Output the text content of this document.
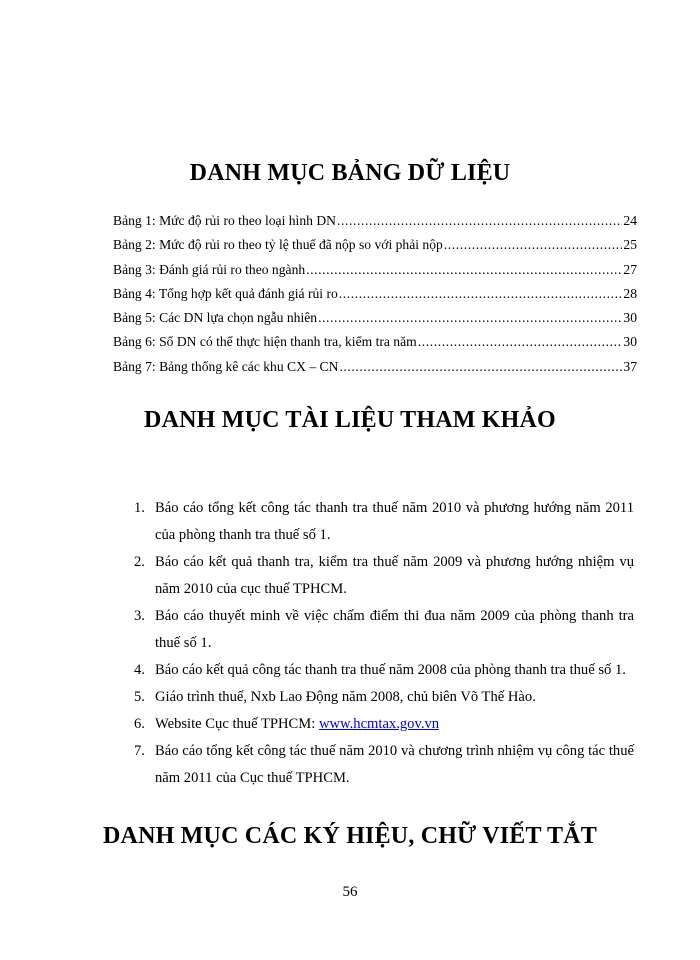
DANH MỤC BẢNG DỮ LIỆU
Bảng 1: Mức độ rủi ro theo loại hình DN .....	24
Bảng 2: Mức độ rủi ro theo tỷ lệ thuế đã nộp so với phải nộp .....	25
Bảng 3: Đánh giá rủi ro theo ngành .....	27
Bảng 4: Tổng hợp kết quả đánh giá rủi ro .....	28
Bảng 5: Các DN lựa chọn ngẫu nhiên .....	30
Bảng 6: Số DN có thể thực hiện thanh tra, kiểm tra năm .....	30
Bảng 7: Bảng thống kê các khu CX – CN .....	37
DANH MỤC TÀI LIỆU THAM KHẢO
1. Báo cáo tổng kết công tác thanh tra thuế năm 2010 và phương hướng năm 2011 của phòng thanh tra thuế số 1.
2. Báo cáo kết quả thanh tra, kiểm tra thuế năm 2009 và phương hướng nhiệm vụ năm 2010 của cục thuế TPHCM.
3. Báo cáo thuyết minh về việc chấm điểm thi đua năm 2009 của phòng thanh tra thuế số 1.
4. Báo cáo kết quả công tác thanh tra thuế năm 2008 của phòng thanh tra thuế số 1.
5. Giáo trình thuế, Nxb Lao Động năm 2008, chủ biên Võ Thế Hào.
6. Website Cục thuế TPHCM: www.hcmtax.gov.vn
7. Báo cáo tổng kết công tác thuế năm 2010 và chương trình nhiệm vụ công tác thuế năm 2011 của Cục thuế TPHCM.
DANH MỤC CÁC KÝ HIỆU, CHỮ VIẾT TẮT
56
